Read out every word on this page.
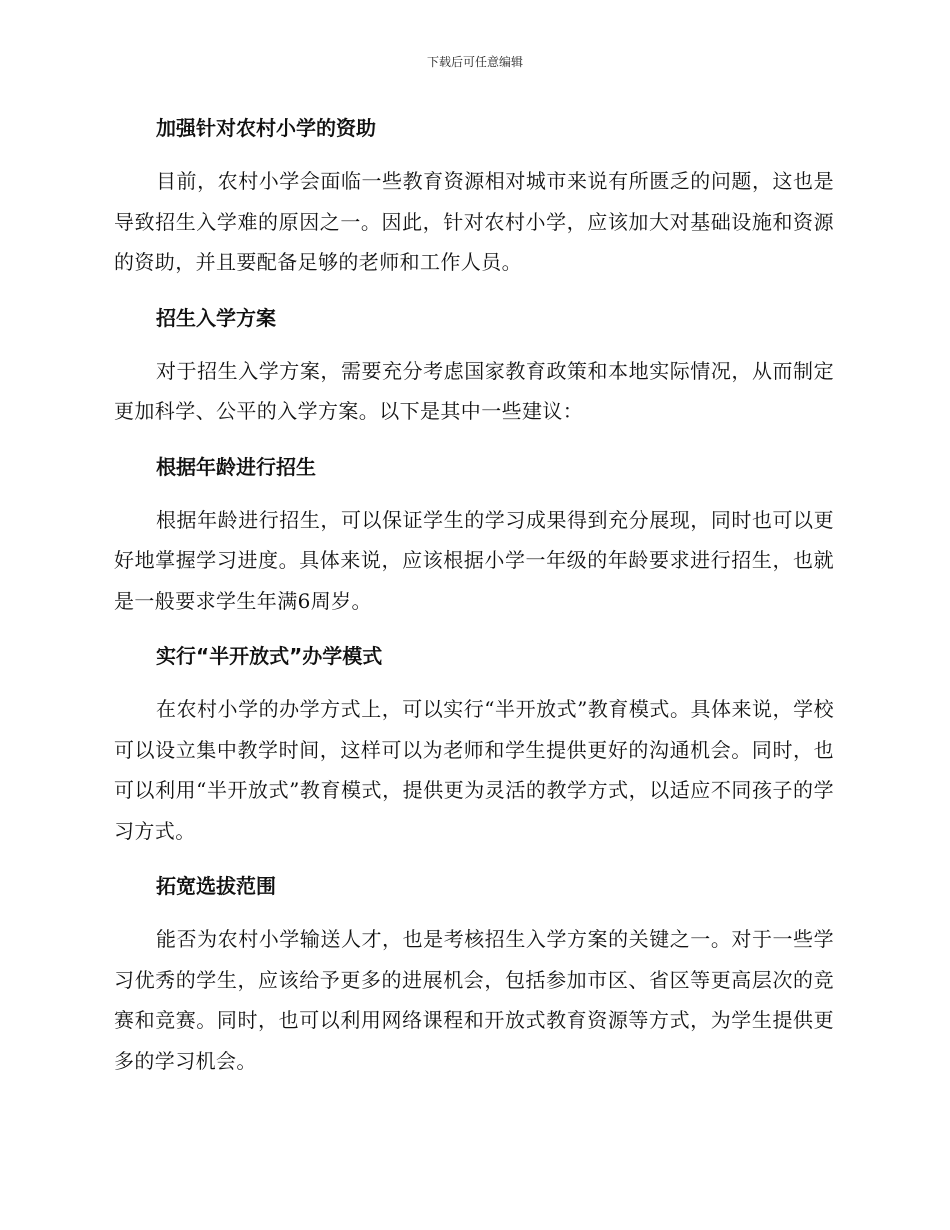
下载后可任意编辑
加强针对农村小学的资助

目前，农村小学会面临一些教育资源相对城市来说有所匮乏的问题，这也是导致招生入学难的原因之一。因此，针对农村小学，应该加大对基础设施和资源的资助，并且要配备足够的老师和工作人员。

招生入学方案

对于招生入学方案，需要充分考虑国家教育政策和本地实际情况，从而制定更加科学、公平的入学方案。以下是其中一些建议：

根据年龄进行招生

根据年龄进行招生，可以保证学生的学习成果得到充分展现，同时也可以更好地掌握学习进度。具体来说，应该根据小学一年级的年龄要求进行招生，也就是一般要求学生年满6周岁。

实行“半开放式”办学模式

在农村小学的办学方式上，可以实行“半开放式”教育模式。具体来说，学校可以设立集中教学时间，这样可以为老师和学生提供更好的沟通机会。同时，也可以利用“半开放式”教育模式，提供更为灵活的教学方式，以适应不同孩子的学习方式。

拓宽选拔范围

能否为农村小学输送人才，也是考核招生入学方案的关键之一。对于一些学习优秀的学生，应该给予更多的进展机会，包括参加市区、省区等更高层次的竞赛和竞赛。同时，也可以利用网络课程和开放式教育资源等方式，为学生提供更多的学习机会。
